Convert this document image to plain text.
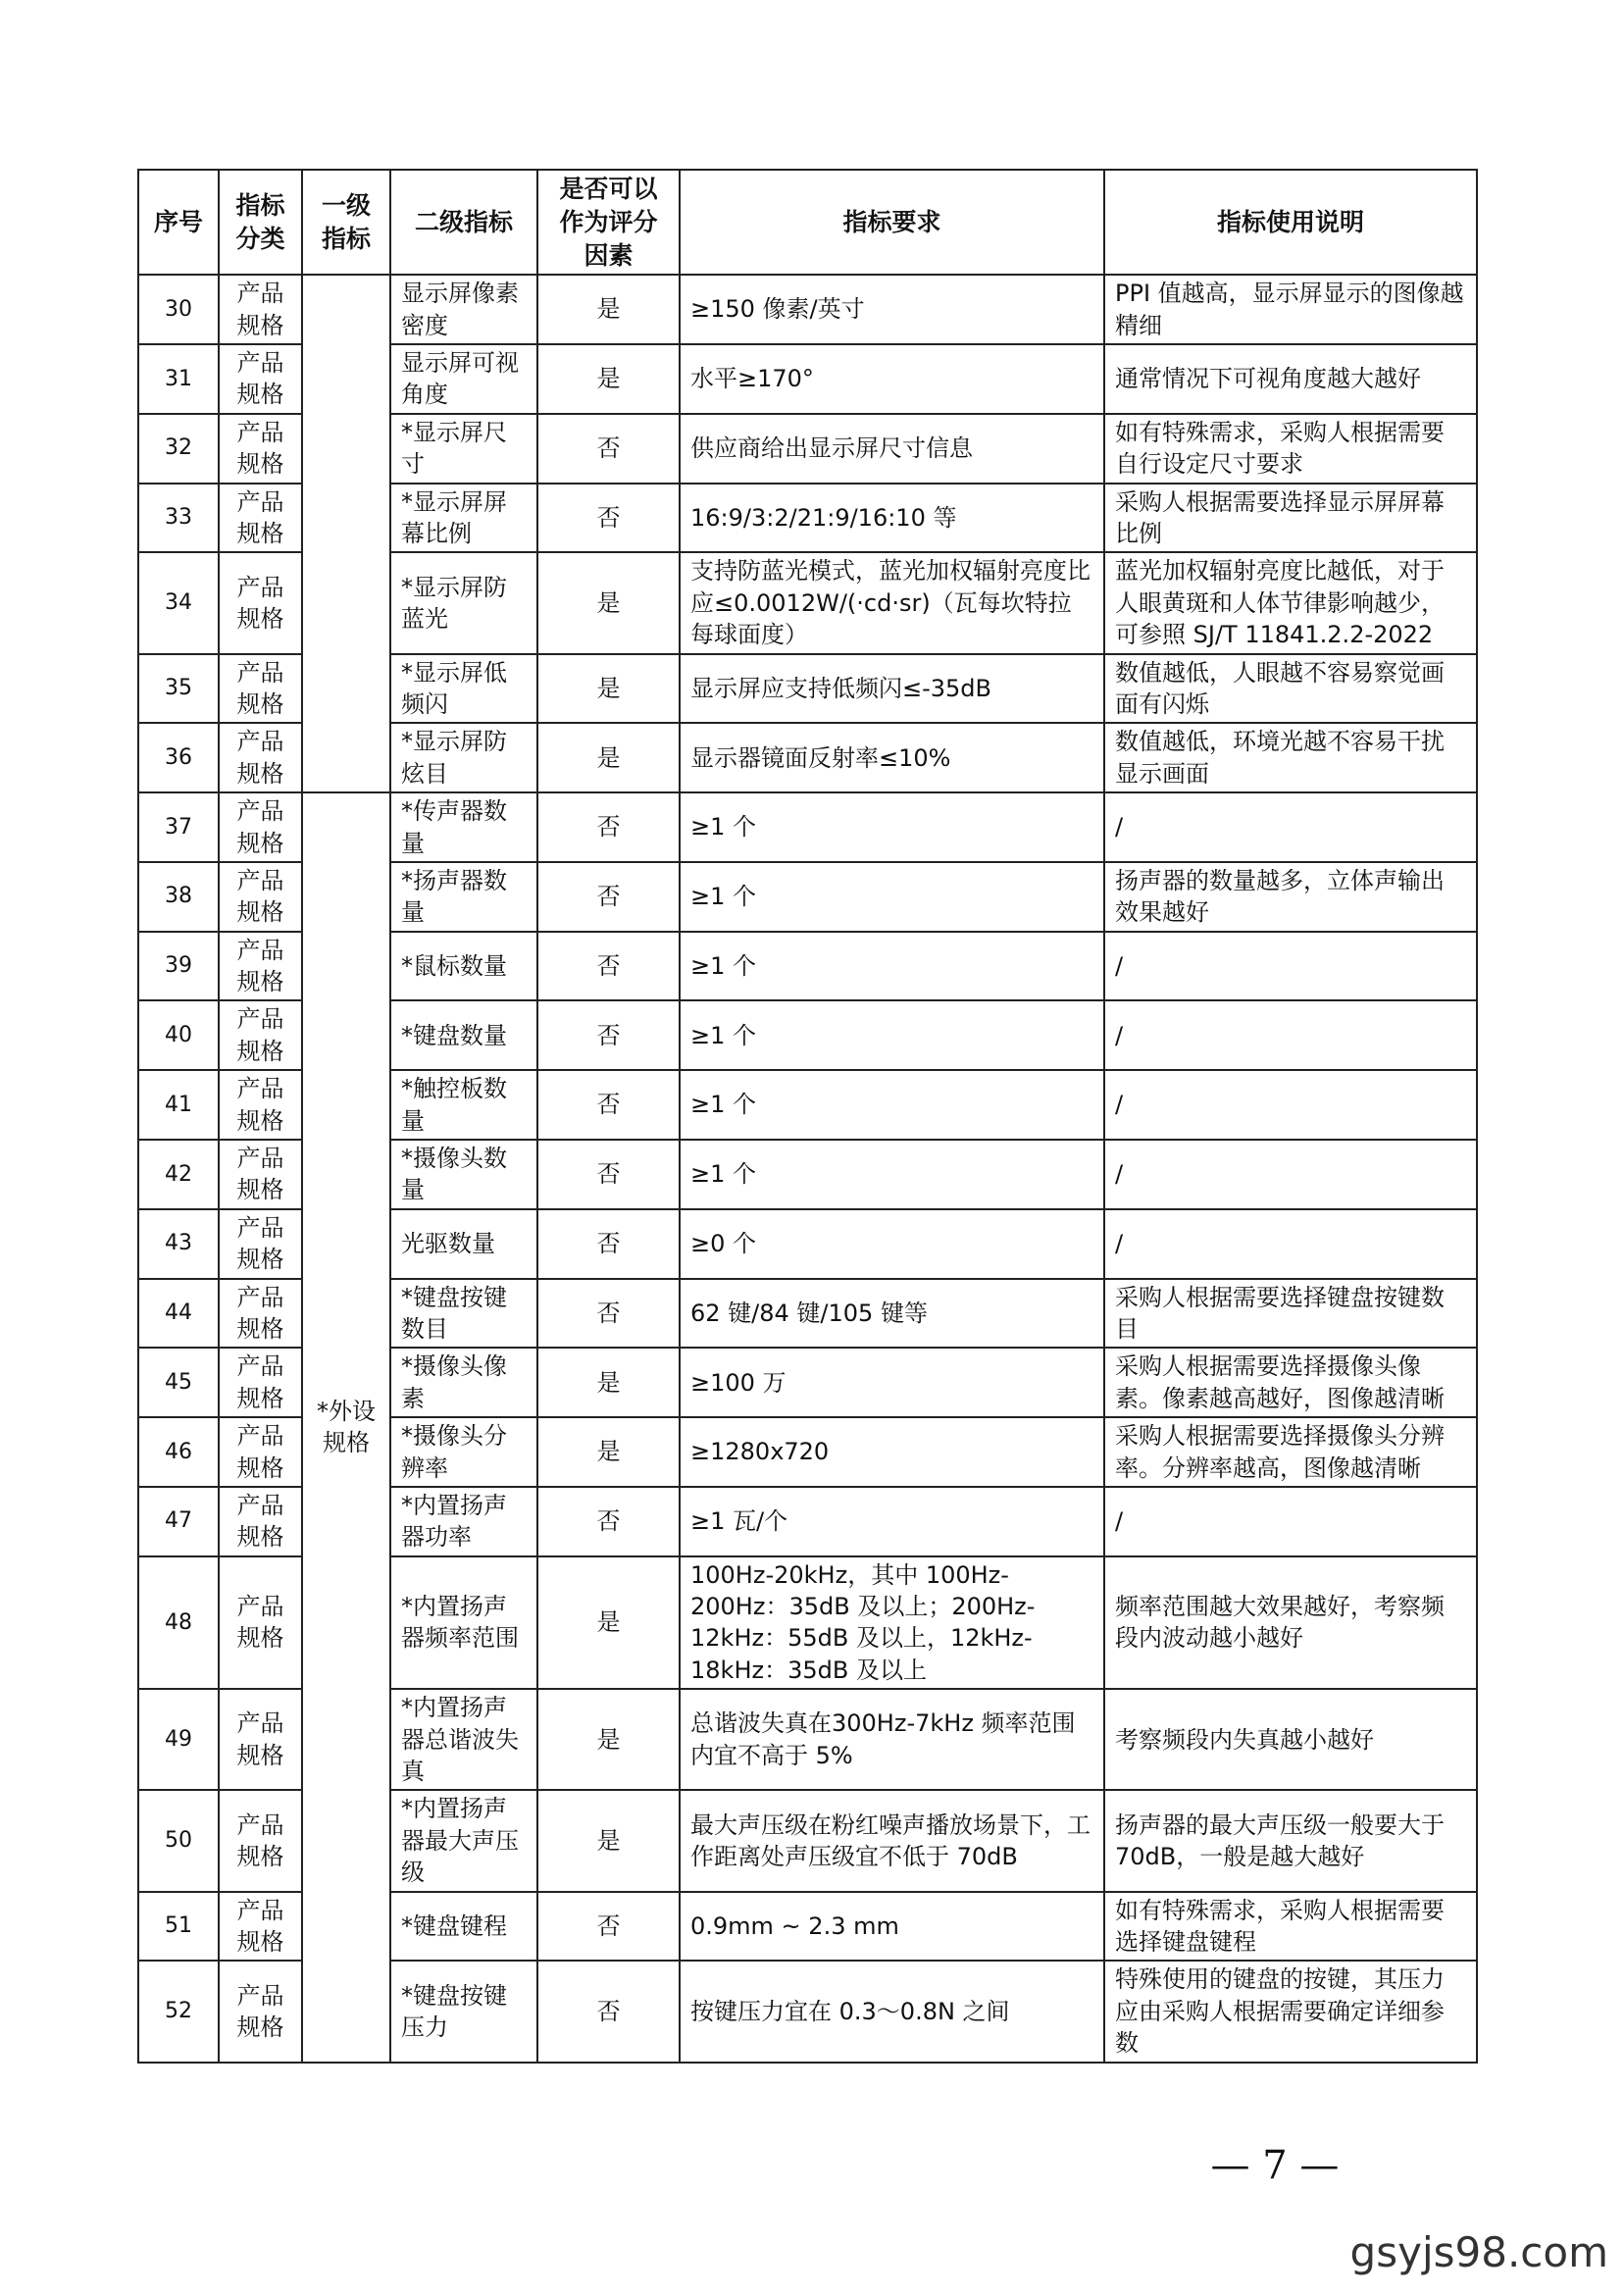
序号	指标分类	一级指标	二级指标	是否可以作为评分因素	指标要求	指标使用说明
30	产品规格		显示屏像素密度	是	≥150 像素/英寸	PPI 值越高，显示屏显示的图像越精细
31	产品规格		显示屏可视角度	是	水平≥170°	通常情况下可视角度越大越好
32	产品规格		*显示屏尺寸	否	供应商给出显示屏尺寸信息	如有特殊需求，采购人根据需要自行设定尺寸要求
33	产品规格		*显示屏屏幕比例	否	16:9/3:2/21:9/16:10 等	采购人根据需要选择显示屏屏幕比例
34	产品规格		*显示屏防蓝光	是	支持防蓝光模式，蓝光加权辐射亮度比应≤0.0012W/(·cd·sr)（瓦每坎特拉每球面度）	蓝光加权辐射亮度比越低，对于人眼黄斑和人体节律影响越少，可参照 SJ/T 11841.2.2-2022
35	产品规格		*显示屏低频闪	是	显示屏应支持低频闪≤-35dB	数值越低，人眼越不容易察觉画面有闪烁
36	产品规格		*显示屏防炫目	是	显示器镜面反射率≤10%	数值越低，环境光越不容易干扰显示画面
37	产品规格	*外设规格	*传声器数量	否	≥1 个	/
38	产品规格		*扬声器数量	否	≥1 个	扬声器的数量越多，立体声输出效果越好
39	产品规格		*鼠标数量	否	≥1 个	/
40	产品规格		*键盘数量	否	≥1 个	/
41	产品规格		*触控板数量	否	≥1 个	/
42	产品规格		*摄像头数量	否	≥1 个	/
43	产品规格		光驱数量	否	≥0 个	/
44	产品规格		*键盘按键数目	否	62 键/84 键/105 键等	采购人根据需要选择键盘按键数目
45	产品规格		*摄像头像素	是	≥100 万	采购人根据需要选择摄像头像素。像素越高越好，图像越清晰
46	产品规格		*摄像头分辨率	是	≥1280x720	采购人根据需要选择摄像头分辨率。分辨率越高，图像越清晰
47	产品规格		*内置扬声器功率	否	≥1 瓦/个	/
48	产品规格		*内置扬声器频率范围	是	100Hz-20kHz，其中 100Hz-200Hz：35dB 及以上；200Hz-12kHz：55dB 及以上，12kHz-18kHz：35dB 及以上	频率范围越大效果越好，考察频段内波动越小越好
49	产品规格		*内置扬声器总谐波失真	是	总谐波失真在300Hz-7kHz 频率范围内宜不高于 5%	考察频段内失真越小越好
50	产品规格		*内置扬声器最大声压级	是	最大声压级在粉红噪声播放场景下，工作距离处声压级宜不低于 70dB	扬声器的最大声压级一般要大于 70dB，一般是越大越好
51	产品规格		*键盘键程	否	0.9mm ~ 2.3 mm	如有特殊需求，采购人根据需要选择键盘键程
52	产品规格		*键盘按键压力	否	按键压力宜在 0.3～0.8N 之间	特殊使用的键盘的按键，其压力应由采购人根据需要确定详细参数
— 7 —
gsyjs98.com
